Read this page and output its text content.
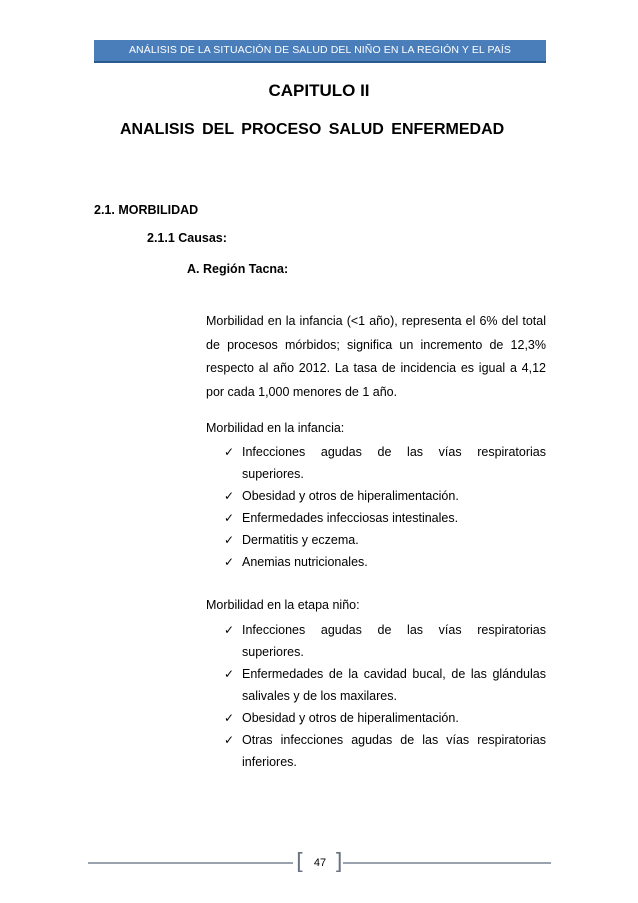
ANÁLISIS DE LA SITUACIÓN DE SALUD DEL NIÑO EN LA REGIÓN Y EL PAÍS
CAPITULO II
ANALISIS DEL PROCESO SALUD ENFERMEDAD
2.1. MORBILIDAD
2.1.1 Causas:
A. Región Tacna:

Morbilidad en la infancia (<1 año), representa el 6% del total de procesos mórbidos; significa un incremento de 12,3% respecto al año 2012. La tasa de incidencia es igual a 4,12 por cada 1,000 menores de 1 año.

Morbilidad en la infancia:
✓ Infecciones agudas de las vías respiratorias superiores.
✓ Obesidad y otros de hiperalimentación.
✓ Enfermedades infecciosas intestinales.
✓ Dermatitis y eczema.
✓ Anemias nutricionales.
Morbilidad en la etapa niño:
✓ Infecciones agudas de las vías respiratorias superiores.
✓ Enfermedades de la cavidad bucal, de las glándulas salivales y de los maxilares.
✓ Obesidad y otros de hiperalimentación.
✓ Otras infecciones agudas de las vías respiratorias inferiores.
[ ]
47
